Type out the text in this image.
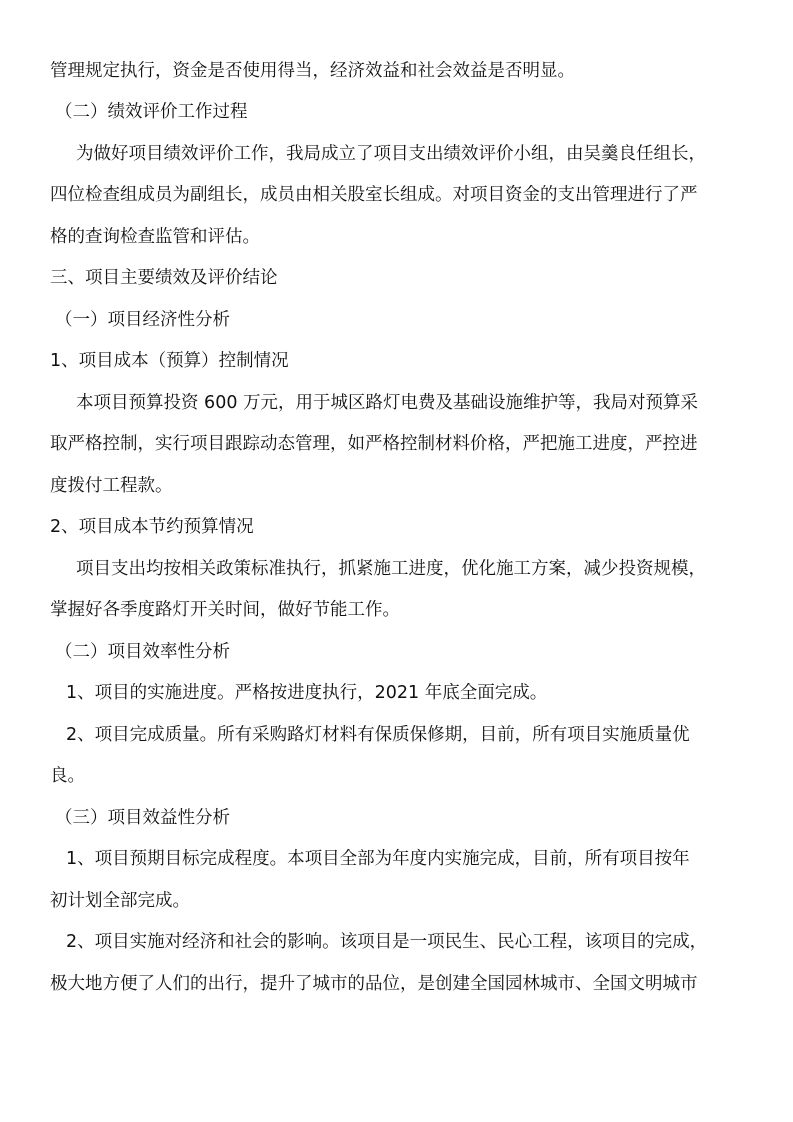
管理规定执行，资金是否使用得当，经济效益和社会效益是否明显。
（二）绩效评价工作过程
为做好项目绩效评价工作，我局成立了项目支出绩效评价小组，由吴羹良任组长，
四位检查组成员为副组长，成员由相关股室长组成。对项目资金的支出管理进行了严
格的查询检查监管和评估。
三、项目主要绩效及评价结论
（一）项目经济性分析
1、项目成本（预算）控制情况
本项目预算投资 600 万元，用于城区路灯电费及基础设施维护等，我局对预算采
取严格控制，实行项目跟踪动态管理，如严格控制材料价格，严把施工进度，严控进
度拨付工程款。
2、项目成本节约预算情况
项目支出均按相关政策标准执行，抓紧施工进度，优化施工方案，减少投资规模，
掌握好各季度路灯开关时间，做好节能工作。
（二）项目效率性分析
1、项目的实施进度。严格按进度执行，2021 年底全面完成。
2、项目完成质量。所有采购路灯材料有保质保修期，目前，所有项目实施质量优
良。
（三）项目效益性分析
1、项目预期目标完成程度。本项目全部为年度内实施完成，目前，所有项目按年
初计划全部完成。
2、项目实施对经济和社会的影响。该项目是一项民生、民心工程，该项目的完成，
极大地方便了人们的出行，提升了城市的品位，是创建全国园林城市、全国文明城市
